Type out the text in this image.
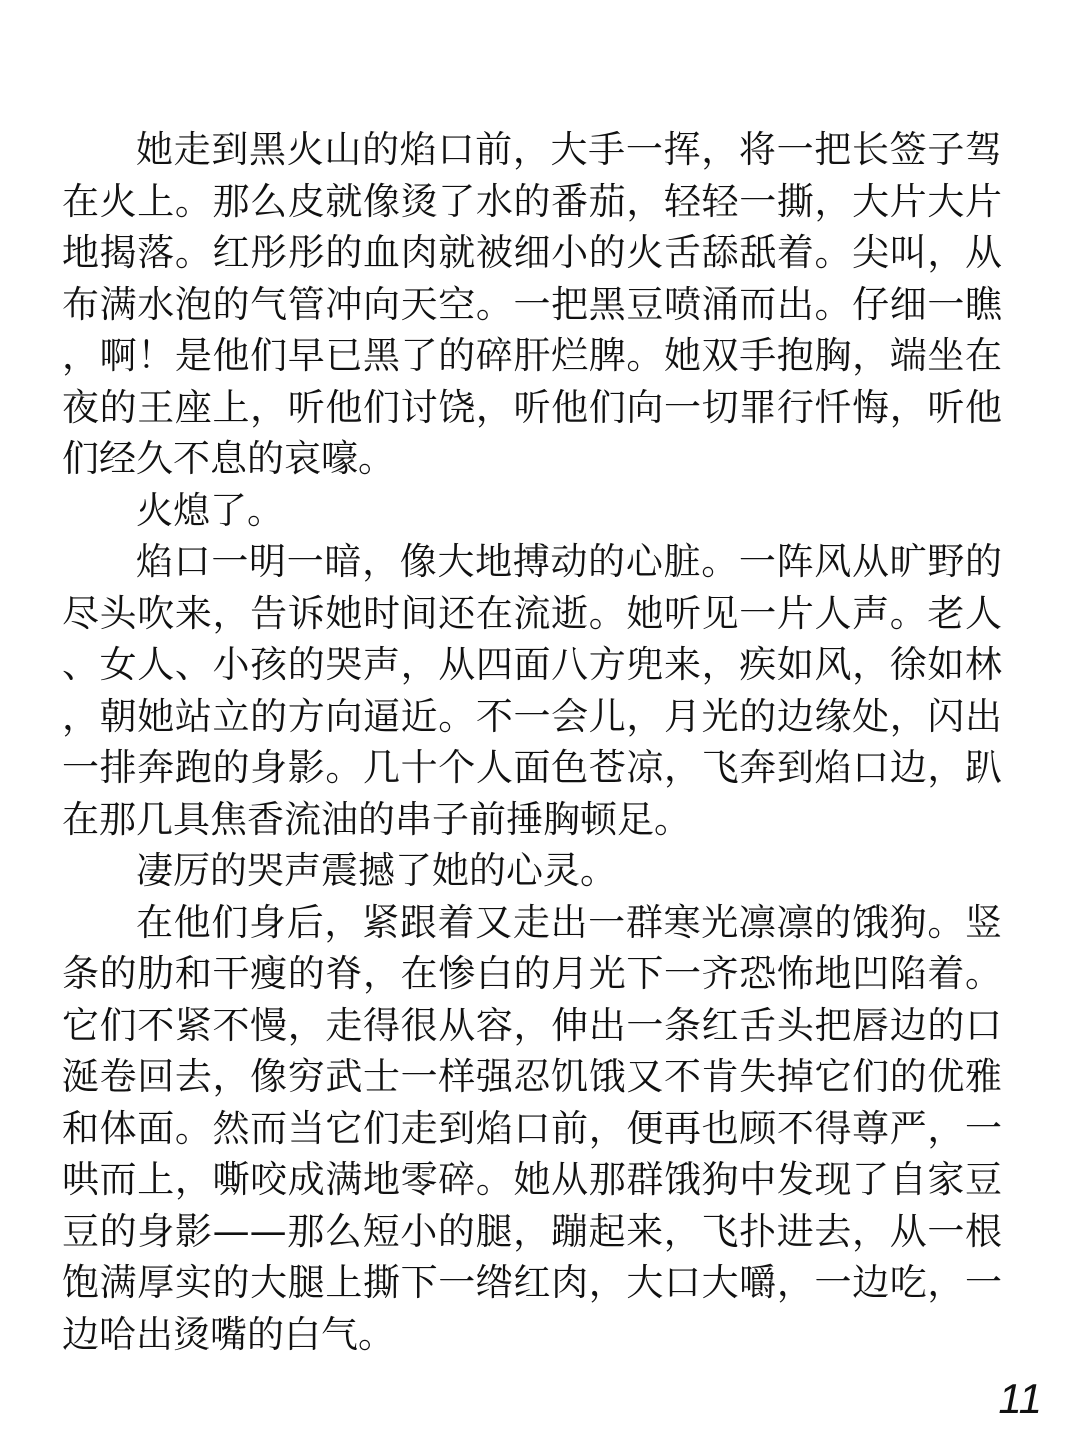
她走到黑火山的焰口前，大手一挥，将一把长签子驾在火上。那么皮就像烫了水的番茄，轻轻一撕，大片大片地揭落。红彤彤的血肉就被细小的火舌舔舐着。尖叫，从布满水泡的气管冲向天空。一把黑豆喷涌而出。仔细一瞧，啊！是他们早已黑了的碎肝烂脾。她双手抱胸，端坐在夜的王座上，听他们讨饶，听他们向一切罪行忏悔，听他们经久不息的哀嚎。

火熄了。

焰口一明一暗，像大地搏动的心脏。一阵风从旷野的尽头吹来，告诉她时间还在流逝。她听见一片人声。老人、女人、小孩的哭声，从四面八方兜来，疾如风，徐如林，朝她站立的方向逼近。不一会儿，月光的边缘处，闪出一排奔跑的身影。几十个人面色苍凉，飞奔到焰口边，趴在那几具焦香流油的串子前捶胸顿足。

凄厉的哭声震撼了她的心灵。

在他们身后，紧跟着又走出一群寒光凛凛的饿狗。竖条的肋和干瘦的脊，在惨白的月光下一齐恐怖地凹陷着。它们不紧不慢，走得很从容，伸出一条红舌头把唇边的口涎卷回去，像穷武士一样强忍饥饿又不肯失掉它们的优雅和体面。然而当它们走到焰口前，便再也顾不得尊严，一哄而上，嘶咬成满地零碎。她从那群饿狗中发现了自家豆豆的身影——那么短小的腿，蹦起来，飞扑进去，从一根饱满厚实的大腿上撕下一绺红肉，大口大嚼，一边吃，一边哈出烫嘴的白气。

11
